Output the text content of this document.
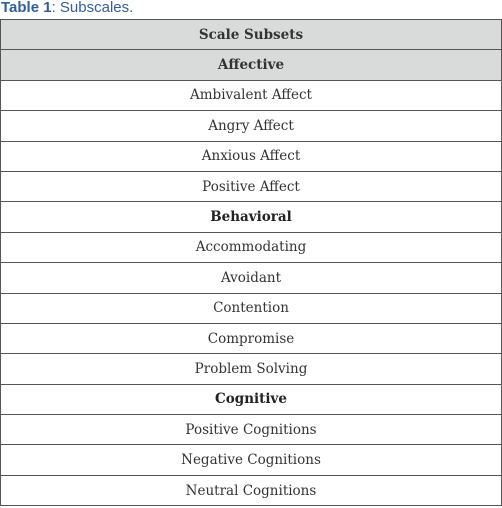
Table 1: Subscales.
Scale Subsets
Affective
Ambivalent Affect
Angry Affect
Anxious Affect
Positive Affect
Behavioral
Accommodating
Avoidant
Contention
Compromise
Problem Solving
Cognitive
Positive Cognitions
Negative Cognitions
Neutral Cognitions
